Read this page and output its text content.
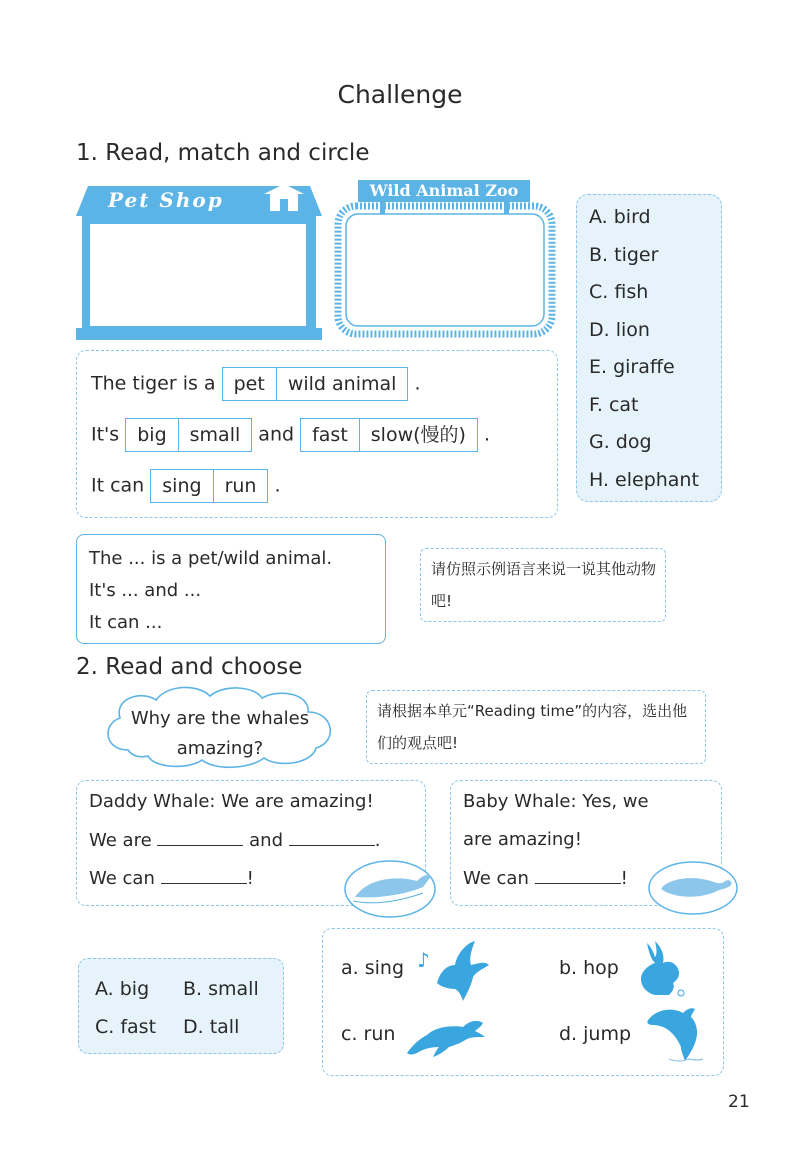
Challenge
1. Read, match and circle
Pet Shop	Wild Animal Zoo
A. bird
B. tiger
C. fish
D. lion
E. giraffe
F. cat
G. dog
H. elephant
The tiger is a pet	wild animal .
It's big	small and fast	slow(慢的) .
It can sing	run .
The ... is a pet/wild animal.
It's ... and ...
It can ...
请仿照示例语言来说一说其他动物吧!
2. Read and choose
Why are the whales amazing?
请根据本单元“Reading time”的内容，选出他们的观点吧!
Daddy Whale: We are amazing!
We are	and	.
We can	!
Baby Whale: Yes, we
are amazing!
We can	!
A. big B. small
C. fast D. tall
a. sing ♪	b. hop
c. run	d. jump
21
